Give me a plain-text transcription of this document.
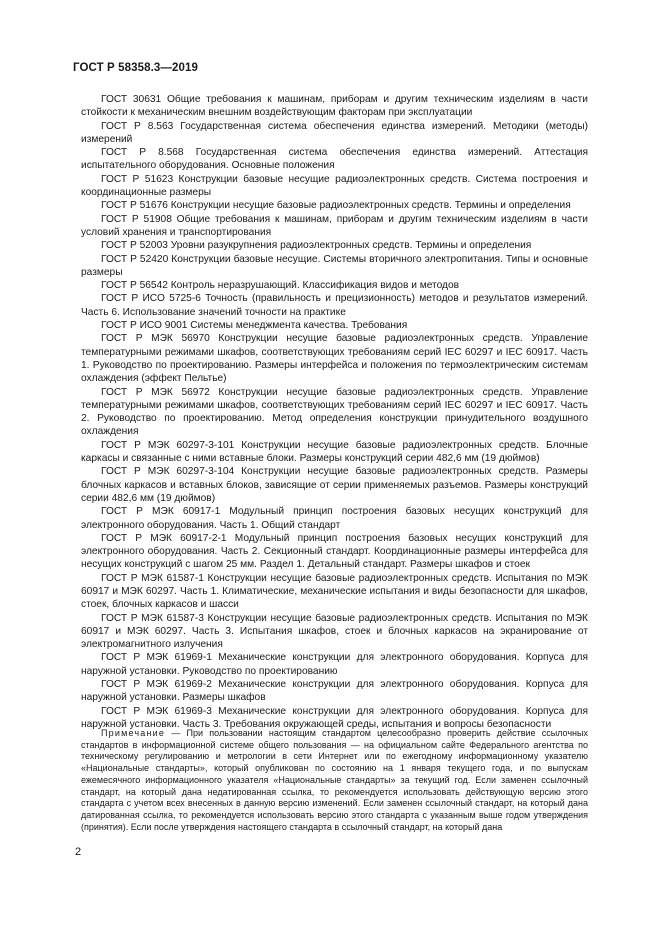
ГОСТ Р 58358.3—2019

ГОСТ 30631 Общие требования к машинам, приборам и другим техническим изделиям в части стойкости к механическим внешним воздействующим факторам при эксплуатации

ГОСТ Р 8.563 Государственная система обеспечения единства измерений. Методики (методы) измерений

ГОСТ Р 8.568 Государственная система обеспечения единства измерений. Аттестация испытательного оборудования. Основные положения

ГОСТ Р 51623 Конструкции базовые несущие радиоэлектронных средств. Система построения и координационные размеры

ГОСТ Р 51676 Конструкции несущие базовые радиоэлектронных средств. Термины и определения

ГОСТ Р 51908 Общие требования к машинам, приборам и другим техническим изделиям в части условий хранения и транспортирования

ГОСТ Р 52003 Уровни разукрупнения радиоэлектронных средств. Термины и определения

ГОСТ Р 52420 Конструкции базовые несущие. Системы вторичного электропитания. Типы и основные размеры

ГОСТ Р 56542 Контроль неразрушающий. Классификация видов и методов

ГОСТ Р ИСО 5725-6 Точность (правильность и прецизионность) методов и результатов измерений. Часть 6. Использование значений точности на практике

ГОСТ Р ИСО 9001 Системы менеджмента качества. Требования

ГОСТ Р МЭК 56970 Конструкции несущие базовые радиоэлектронных средств. Управление температурными режимами шкафов, соответствующих требованиям серий IEC 60297 и IEC 60917. Часть 1. Руководство по проектированию. Размеры интерфейса и положения по термоэлектрическим системам охлаждения (эффект Пельтье)

ГОСТ Р МЭК 56972 Конструкции несущие базовые радиоэлектронных средств. Управление температурными режимами шкафов, соответствующих требованиям серий IEC 60297 и IEC 60917. Часть 2. Руководство по проектированию. Метод определения конструкции принудительного воздушного охлаждения

ГОСТ Р МЭК 60297-3-101 Конструкции несущие базовые радиоэлектронных средств. Блочные каркасы и связанные с ними вставные блоки. Размеры конструкций серии 482,6 мм (19 дюймов)

ГОСТ Р МЭК 60297-3-104 Конструкции несущие базовые радиоэлектронных средств. Размеры блочных каркасов и вставных блоков, зависящие от серии применяемых разъемов. Размеры конструкций серии 482,6 мм (19 дюймов)

ГОСТ Р МЭК 60917-1 Модульный принцип построения базовых несущих конструкций для электронного оборудования. Часть 1. Общий стандарт

ГОСТ Р МЭК 60917-2-1 Модульный принцип построения базовых несущих конструкций для электронного оборудования. Часть 2. Секционный стандарт. Координационные размеры интерфейса для несущих конструкций с шагом 25 мм. Раздел 1. Детальный стандарт. Размеры шкафов и стоек

ГОСТ Р МЭК 61587-1 Конструкции несущие базовые радиоэлектронных средств. Испытания по МЭК 60917 и МЭК 60297. Часть 1. Климатические, механические испытания и виды безопасности для шкафов, стоек, блочных каркасов и шасси

ГОСТ Р МЭК 61587-3 Конструкции несущие базовые радиоэлектронных средств. Испытания по МЭК 60917 и МЭК 60297. Часть 3. Испытания шкафов, стоек и блочных каркасов на экранирование от электромагнитного излучения

ГОСТ Р МЭК 61969-1 Механические конструкции для электронного оборудования. Корпуса для наружной установки. Руководство по проектированию

ГОСТ Р МЭК 61969-2 Механические конструкции для электронного оборудования. Корпуса для наружной установки. Размеры шкафов

ГОСТ Р МЭК 61969-3 Механические конструкции для электронного оборудования. Корпуса для наружной установки. Часть 3. Требования окружающей среды, испытания и вопросы безопасности

Примечание — При пользовании настоящим стандартом целесообразно проверить действие ссылочных стандартов в информационной системе общего пользования — на официальном сайте Федерального агентства по техническому регулированию и метрологии в сети Интернет или по ежегодному информационному указателю «Национальные стандарты», который опубликован по состоянию на 1 января текущего года, и по выпускам ежемесячного информационного указателя «Национальные стандарты» за текущий год. Если заменен ссылочный стандарт, на который дана недатированная ссылка, то рекомендуется использовать действующую версию этого стандарта с учетом всех внесенных в данную версию изменений. Если заменен ссылочный стандарт, на который дана датированная ссылка, то рекомендуется использовать версию этого стандарта с указанным выше годом утверждения (принятия). Если после утверждения настоящего стандарта в ссылочный стандарт, на который дана
2
